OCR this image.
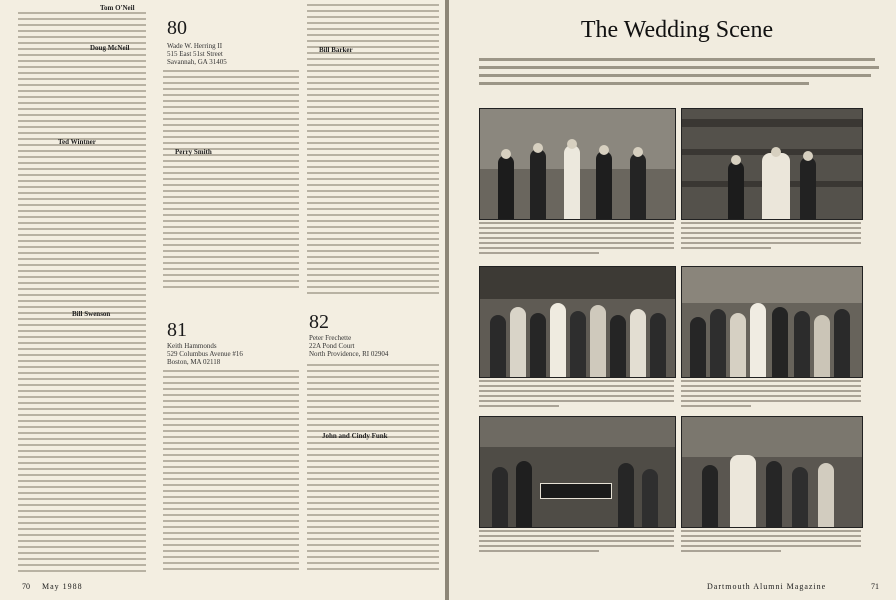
Tom O'Neil
80
Wade W. Herring II
515 East 51st Street
Savannah, GA 31405
81
Keith Hammonds
529 Columbus Avenue #16
Boston, MA 02118
82
Peter Frechette
22A Pond Court
North Providence, RI 02904
Ted Wintner
Doug McNeil
Bill Swenson
Perry Smith
Bill Barker
John and Cindy Funk
70 May 1988
The Wedding Scene
Dartmouth Alumni Magazine	71
